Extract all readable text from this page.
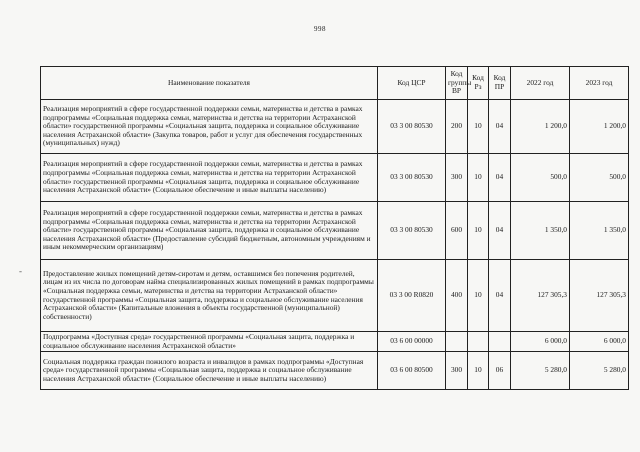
998
-
Наименование показателя	Код ЦСР	Код группы ВР	Код Рз	Код ПР	2022 год	2023 год
Реализация мероприятий в сфере государственной поддержки семьи, материнства и детства в рамках подпрограммы «Социальная поддержка семьи, материнства и детства на территории Астраханской области» государственной программы «Социальная защита, поддержка и социальное обслуживание населения Астраханской области» (Закупка товаров, работ и услуг для обеспечения государственных (муниципальных) нужд)	03 3 00 80530	200	10	04	1 200,0	1 200,0
Реализация мероприятий в сфере государственной поддержки семьи, материнства и детства в рамках подпрограммы «Социальная поддержка семьи, материнства и детства на территории Астраханской области» государственной программы «Социальная защита, поддержка и социальное обслуживание населения Астраханской области» (Социальное обеспечение и иные выплаты населению)	03 3 00 80530	300	10	04	500,0	500,0
Реализация мероприятий в сфере государственной поддержки семьи, материнства и детства в рамках подпрограммы «Социальная поддержка семьи, материнства и детства на территории Астраханской области» государственной программы «Социальная защита, поддержка и социальное обслуживание населения Астраханской области» (Предоставление субсидий бюджетным, автономным учреждениям и иным некоммерческим организациям)	03 3 00 80530	600	10	04	1 350,0	1 350,0
Предоставление жилых помещений детям-сиротам и детям, оставшимся без попечения родителей, лицам из их числа по договорам найма специализированных жилых помещений в рамках подпрограммы «Социальная поддержка семьи, материнства и детства на территории Астраханской области» государственной программы «Социальная защита, поддержка и социальное обслуживание населения Астраханской области» (Капитальные вложения в объекты государственной (муниципальной) собственности)	03 3 00 R0820	400	10	04	127 305,3	127 305,3
Подпрограмма «Доступная среда» государственной программы «Социальная защита, поддержка и социальное обслуживание населения Астраханской области»	03 6 00 00000				6 000,0	6 000,0
Социальная поддержка граждан пожилого возраста и инвалидов в рамках подпрограммы «Доступная среда» государственной программы «Социальная защита, поддержка и социальное обслуживание населения Астраханской области» (Социальное обеспечение и иные выплаты населению)	03 6 00 80500	300	10	06	5 280,0	5 280,0
